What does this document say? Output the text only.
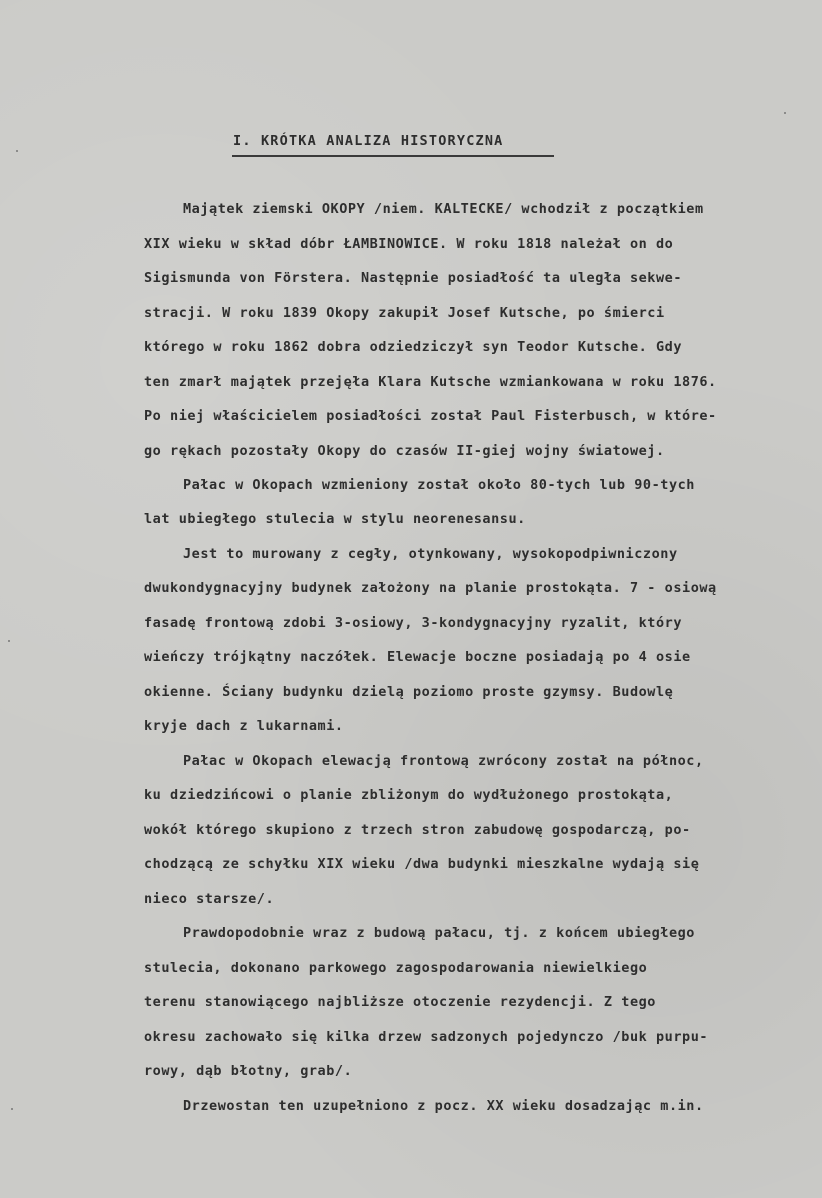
I. KRÓTKA ANALIZA HISTORYCZNA
Majątek ziemski OKOPY /niem. KALTECKE/ wchodził z początkiem
XIX wieku w skład dóbr ŁAMBINOWICE. W roku 1818 należał on do
Sigismunda von Förstera. Następnie posiadłość ta uległa sekwe-
stracji. W roku 1839 Okopy zakupił Josef Kutsche, po śmierci
którego w roku 1862 dobra odziedziczył syn Teodor Kutsche. Gdy
ten zmarł majątek przejęła Klara Kutsche wzmiankowana w roku 1876.
Po niej właścicielem posiadłości został Paul Fisterbusch, w które-
go rękach pozostały Okopy do czasów II-giej wojny światowej.
Pałac w Okopach wzmieniony został około 80-tych lub 90-tych
lat ubiegłego stulecia w stylu neorenesansu.
Jest to murowany z cegły, otynkowany, wysokopodpiwniczony
dwukondygnacyjny budynek założony na planie prostokąta. 7 - osiową
fasadę frontową zdobi 3-osiowy, 3-kondygnacyjny ryzalit, który
wieńczy trójkątny naczółek. Elewacje boczne posiadają po 4 osie
okienne. Ściany budynku dzielą poziomo proste gzymsy. Budowlę
kryje dach z lukarnami.
Pałac w Okopach elewacją frontową zwrócony został na północ,
ku dziedzińcowi o planie zbliżonym do wydłużonego prostokąta,
wokół którego skupiono z trzech stron zabudowę gospodarczą, po-
chodzącą ze schyłku XIX wieku /dwa budynki mieszkalne wydają się
nieco starsze/.
Prawdopodobnie wraz z budową pałacu, tj. z końcem ubiegłego
stulecia, dokonano parkowego zagospodarowania niewielkiego
terenu stanowiącego najbliższe otoczenie rezydencji. Z tego
okresu zachowało się kilka drzew sadzonych pojedynczo /buk purpu-
rowy, dąb błotny, grab/.
Drzewostan ten uzupełniono z pocz. XX wieku dosadzając m.in.
